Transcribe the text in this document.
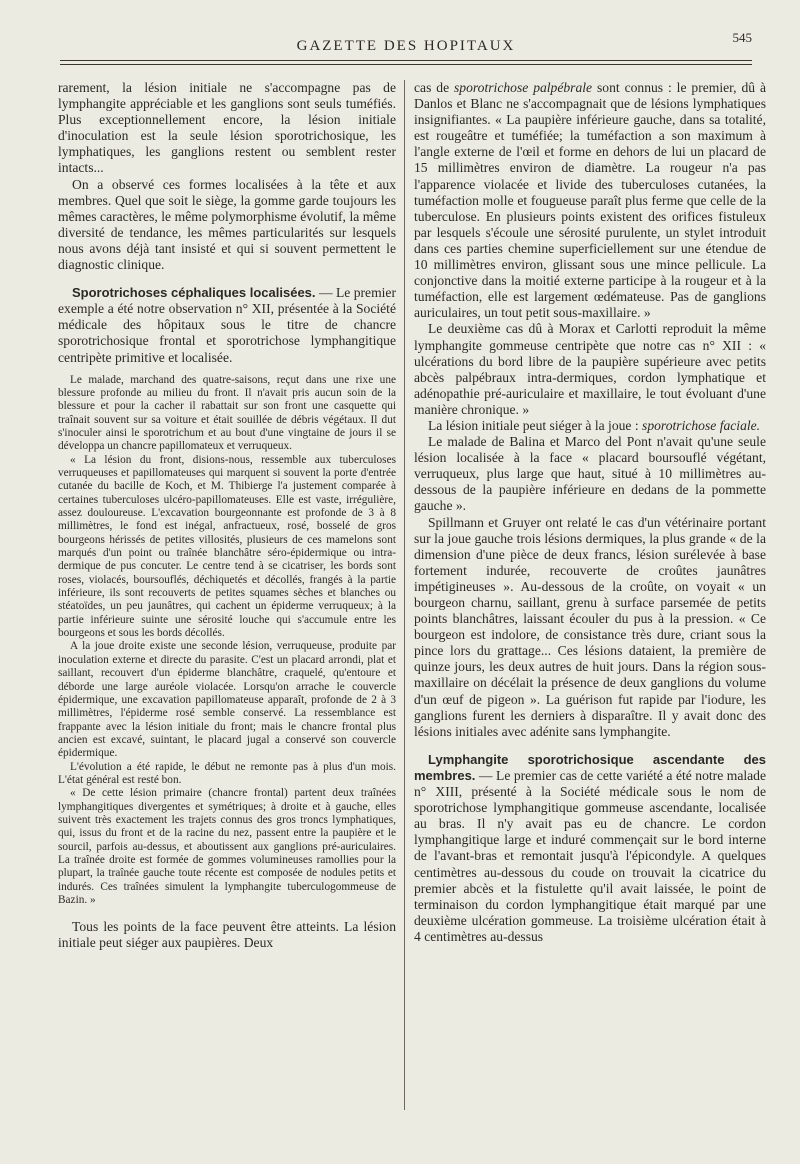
GAZETTE DES HOPITAUX
545

rarement, la lésion initiale ne s'accompagne pas de lymphangite appréciable et les ganglions sont seuls tuméfiés. Plus exceptionnellement encore, la lésion initiale d'inoculation est la seule lésion sporotrichosique, les lymphatiques, les ganglions restent ou semblent rester intacts...

On a observé ces formes localisées à la tête et aux membres. Quel que soit le siège, la gomme garde toujours les mêmes caractères, le même polymorphisme évolutif, la même diversité de tendance, les mêmes particularités sur lesquels nous avons déjà tant insisté et qui si souvent permettent le diagnostic clinique.

Sporotrichoses céphaliques localisées. — Le premier exemple a été notre observation n° XII, présentée à la Société médicale des hôpitaux sous le titre de chancre sporotrichosique frontal et sporotrichose lymphangitique centripète primitive et localisée.

Le malade, marchand des quatre-saisons, reçut dans une rixe une blessure profonde au milieu du front. Il n'avait pris aucun soin de la blessure et pour la cacher il rabattait sur son front une casquette qui traînait souvent sur sa voiture et était souillée de débris végétaux. Il dut s'inoculer ainsi le sporotrichum et au bout d'une vingtaine de jours il se développa un chancre papillomateux et verruqueux.

« La lésion du front, disions-nous, ressemble aux tuberculoses verruqueuses et papillomateuses qui marquent si souvent la porte d'entrée cutanée du bacille de Koch, et M. Thibierge l'a justement comparée à certaines tuberculoses ulcéro-papillomateuses. Elle est vaste, irrégulière, assez douloureuse. L'excavation bourgeonnante est profonde de 3 à 8 millimètres, le fond est inégal, anfractueux, rosé, bosselé de gros bourgeons hérissés de petites villosités, plusieurs de ces mamelons sont marqués d'un point ou traînée blanchâtre séro-épidermique ou intra-dermique de pus concuter. Le centre tend à se cicatriser, les bords sont roses, violacés, boursouflés, déchiquetés et décollés, frangés à la partie inférieure, ils sont recouverts de petites squames sèches et blanches ou stéatoïdes, un peu jaunâtres, qui cachent un épiderme verruqueux; à la partie inférieure suinte une sérosité louche qui s'accumule entre les bourgeons et sous les bords décollés.

A la joue droite existe une seconde lésion, verruqueuse, produite par inoculation externe et directe du parasite. C'est un placard arrondi, plat et saillant, recouvert d'un épiderme blanchâtre, craquelé, qu'entoure et déborde une large auréole violacée. Lorsqu'on arrache le couvercle épidermique, une excavation papillomateuse apparaît, profonde de 2 à 3 millimètres, l'épiderme rosé semble conservé. La ressemblance est frappante avec la lésion initiale du front; mais le chancre frontal plus ancien est excavé, suintant, le placard jugal a conservé son couvercle épidermique.

L'évolution a été rapide, le début ne remonte pas à plus d'un mois. L'état général est resté bon.

« De cette lésion primaire (chancre frontal) partent deux traînées lymphangitiques divergentes et symétriques; à droite et à gauche, elles suivent très exactement les trajets connus des gros troncs lymphatiques, qui, issus du front et de la racine du nez, passent entre la paupière et le sourcil, parfois au-dessus, et aboutissent aux ganglions pré-auriculaires. La traînée droite est formée de gommes volumineuses ramollies pour la plupart, la traînée gauche toute récente est composée de nodules petits et indurés. Ces traînées simulent la lymphangite tuberculogommeuse de Bazin. »

Tous les points de la face peuvent être atteints. La lésion initiale peut siéger aux paupières. Deux

cas de sporotrichose palpébrale sont connus : le premier, dû à Danlos et Blanc ne s'accompagnait que de lésions lymphatiques insignifiantes. « La paupière inférieure gauche, dans sa totalité, est rougeâtre et tuméfiée; la tuméfaction a son maximum à l'angle externe de l'œil et forme en dehors de lui un placard de 15 millimètres environ de diamètre. La rougeur n'a pas l'apparence violacée et livide des tuberculoses cutanées, la tuméfaction molle et fougueuse paraît plus ferme que celle de la tuberculose. En plusieurs points existent des orifices fistuleux par lesquels s'écoule une sérosité purulente, un stylet introduit dans ces parties chemine superficiellement sur une étendue de 10 millimètres environ, glissant sous une mince pellicule. La conjonctive dans la moitié externe participe à la rougeur et à la tuméfaction, elle est largement œdémateuse. Pas de ganglions auriculaires, un tout petit sous-maxillaire. »

Le deuxième cas dû à Morax et Carlotti reproduit la même lymphangite gommeuse centripète que notre cas n° XII : « ulcérations du bord libre de la paupière supérieure avec petits abcès palpébraux intra-dermiques, cordon lymphatique et adénopathie pré-auriculaire et maxillaire, le tout évoluant d'une manière chronique. »

La lésion initiale peut siéger à la joue : sporotrichose faciale.

Le malade de Balina et Marco del Pont n'avait qu'une seule lésion localisée à la face « placard boursouflé végétant, verruqueux, plus large que haut, situé à 10 millimètres au-dessous de la paupière inférieure en dedans de la pommette gauche ».

Spillmann et Gruyer ont relaté le cas d'un vétérinaire portant sur la joue gauche trois lésions dermiques, la plus grande « de la dimension d'une pièce de deux francs, lésion surélevée à base fortement indurée, recouverte de croûtes jaunâtres impétigineuses ». Au-dessous de la croûte, on voyait « un bourgeon charnu, saillant, grenu à surface parsemée de petits points blanchâtres, laissant écouler du pus à la pression. « Ce bourgeon est indolore, de consistance très dure, criant sous la pince lors du grattage... Ces lésions dataient, la première de quinze jours, les deux autres de huit jours. Dans la région sous-maxillaire on décélait la présence de deux ganglions du volume d'un œuf de pigeon ». La guérison fut rapide par l'iodure, les ganglions furent les derniers à disparaître. Il y avait donc des lésions initiales avec adénite sans lymphangite.

Lymphangite sporotrichosique ascendante des membres. — Le premier cas de cette variété a été notre malade n° XIII, présenté à la Société médicale sous le nom de sporotrichose lymphangitique gommeuse ascendante, localisée au bras. Il n'y avait pas eu de chancre. Le cordon lymphangitique large et induré commençait sur le bord interne de l'avant-bras et remontait jusqu'à l'épicondyle. A quelques centimètres au-dessous du coude on trouvait la cicatrice du premier abcès et la fistulette qu'il avait laissée, le point de terminaison du cordon lymphangitique était marqué par une deuxième ulcération gommeuse. La troisième ulcération était à 4 centimètres au-dessus
